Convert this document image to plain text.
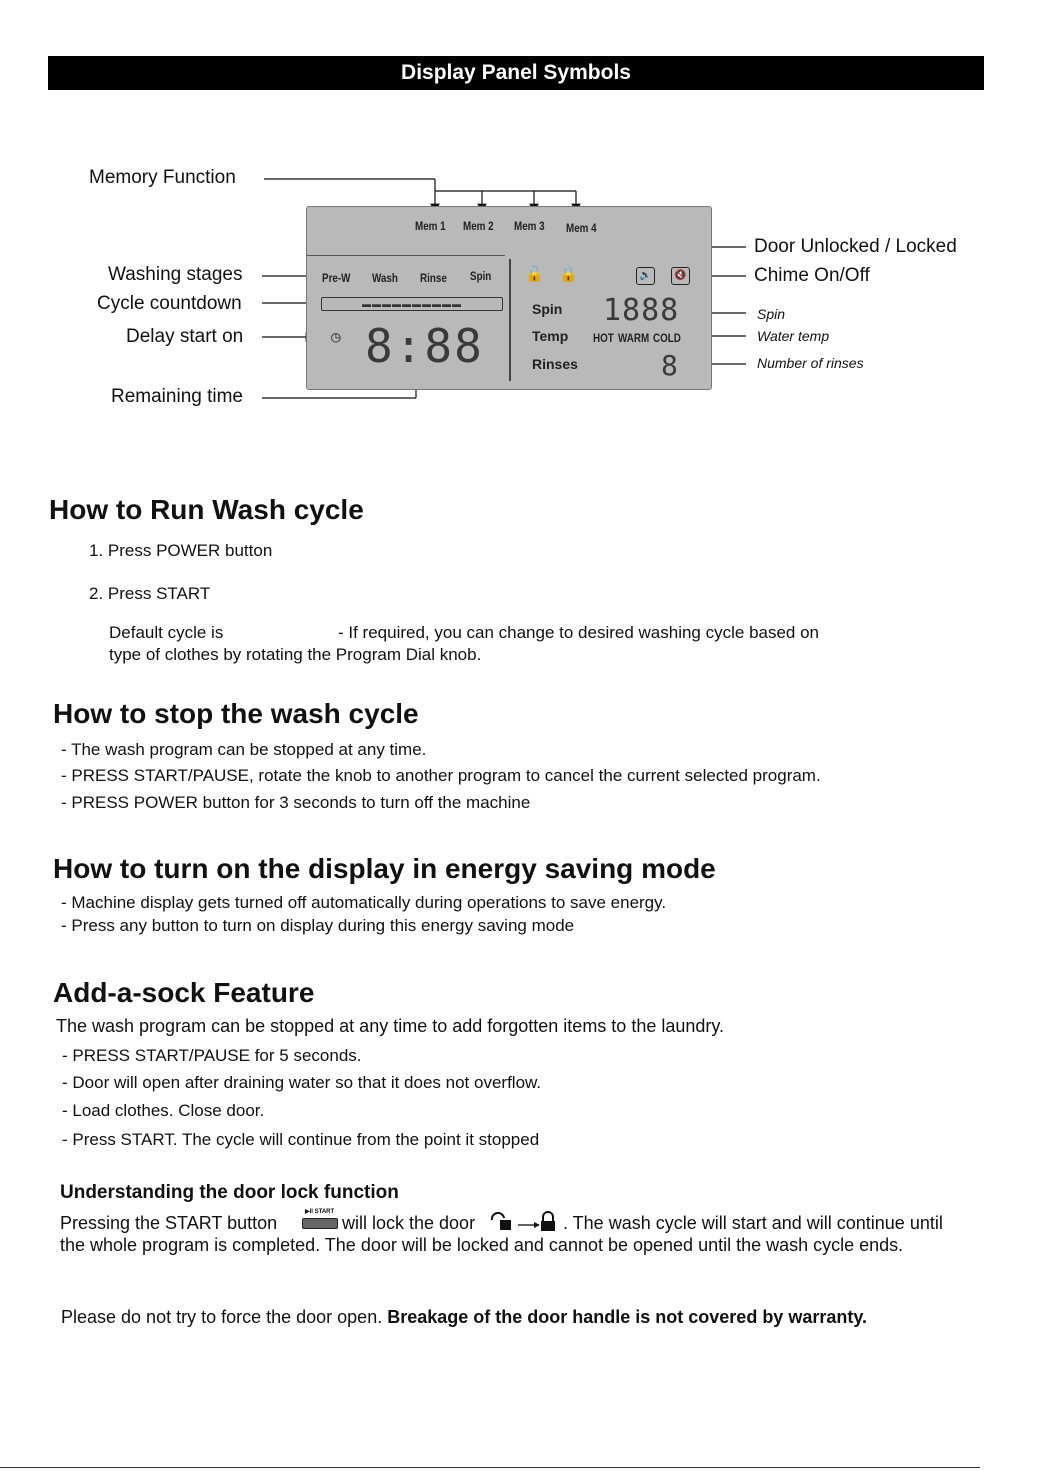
Display Panel Symbols
Memory Function
Washing stages
Cycle countdown
Delay start on
Remaining time
Door Unlocked / Locked
Chime On/Off
Spin
Water temp
Number of rinses
Mem 1 Mem 2 Mem 3 Mem 4
Pre-W Wash Rinse Spin
▬▬▬▬▬▬▬▬▬▬
◷ 8:88
🔓 🔒	🔊	🔇
Spin 1888
Temp HOT WARM COLD
Rinses	8
How to Run Wash cycle
1. Press POWER button
2. Press START
Default cycle is	- If required, you can change to desired washing cycle based on
type of clothes by rotating the Program Dial knob.
How to stop the wash cycle
- The wash program can be stopped at any time.
- PRESS START/PAUSE, rotate the knob to another program to cancel the current selected program.
- PRESS POWER button for 3 seconds to turn off the machine
How to turn on the display in energy saving mode
- Machine display gets turned off automatically during operations to save energy.
- Press any button to turn on display during this energy saving mode
Add-a-sock Feature
The wash program can be stopped at any time to add forgotten items to the laundry.
- PRESS START/PAUSE for 5 seconds.
- Door will open after draining water so that it does not overflow.
- Load clothes. Close door.
- Press START. The cycle will continue from the point it stopped
Understanding the door lock function
Pressing the START button
▶II START
will lock the door	. The wash cycle will start and will continue until
the whole program is completed. The door will be locked and cannot be opened until the wash cycle ends.
Please do not try to force the door open. Breakage of the door handle is not covered by warranty.
